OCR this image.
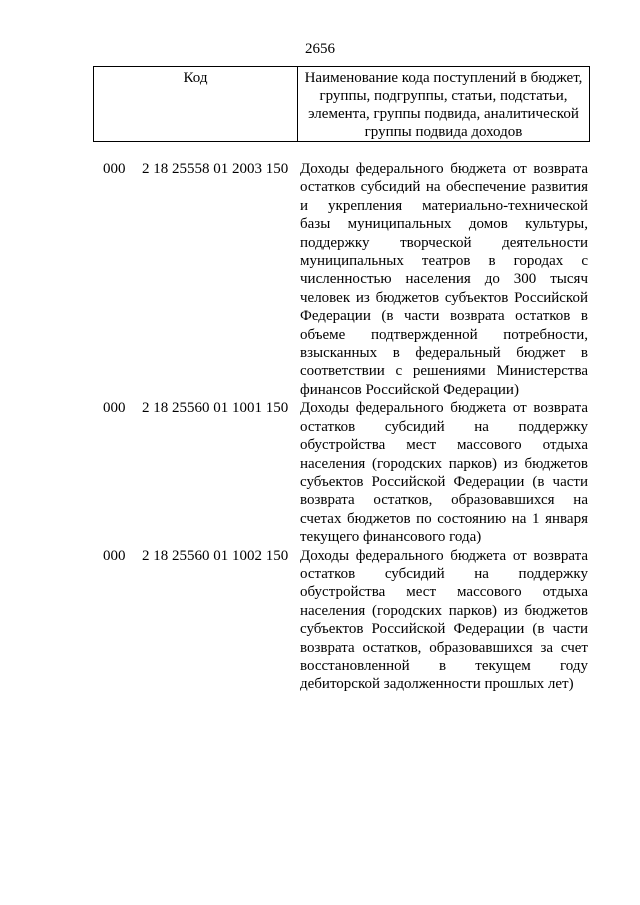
2656
Код	Наименование кода поступлений в бюджет, группы, подгруппы, статьи, подстатьи, элемента, группы подвида, аналитической группы подвида доходов
000 2 18 25558 01 2003 150 Доходы федерального бюджета от возврата остатков субсидий на обеспечение развития и укрепления материально-технической базы муниципальных домов культуры, поддержку творческой деятельности муниципальных театров в городах с численностью населения до 300 тысяч человек из бюджетов субъектов Российской Федерации (в части возврата остатков в объеме подтвержденной потребности, взысканных в федеральный бюджет в соответствии с решениями Министерства финансов Российской Федерации)
000 2 18 25560 01 1001 150 Доходы федерального бюджета от возврата остатков субсидий на поддержку обустройства мест массового отдыха населения (городских парков) из бюджетов субъектов Российской Федерации (в части возврата остатков, образовавшихся на счетах бюджетов по состоянию на 1 января текущего финансового года)
000 2 18 25560 01 1002 150 Доходы федерального бюджета от возврата остатков субсидий на поддержку обустройства мест массового отдыха населения (городских парков) из бюджетов субъектов Российской Федерации (в части возврата остатков, образовавшихся за счет восстановленной в текущем году дебиторской задолженности прошлых лет)
